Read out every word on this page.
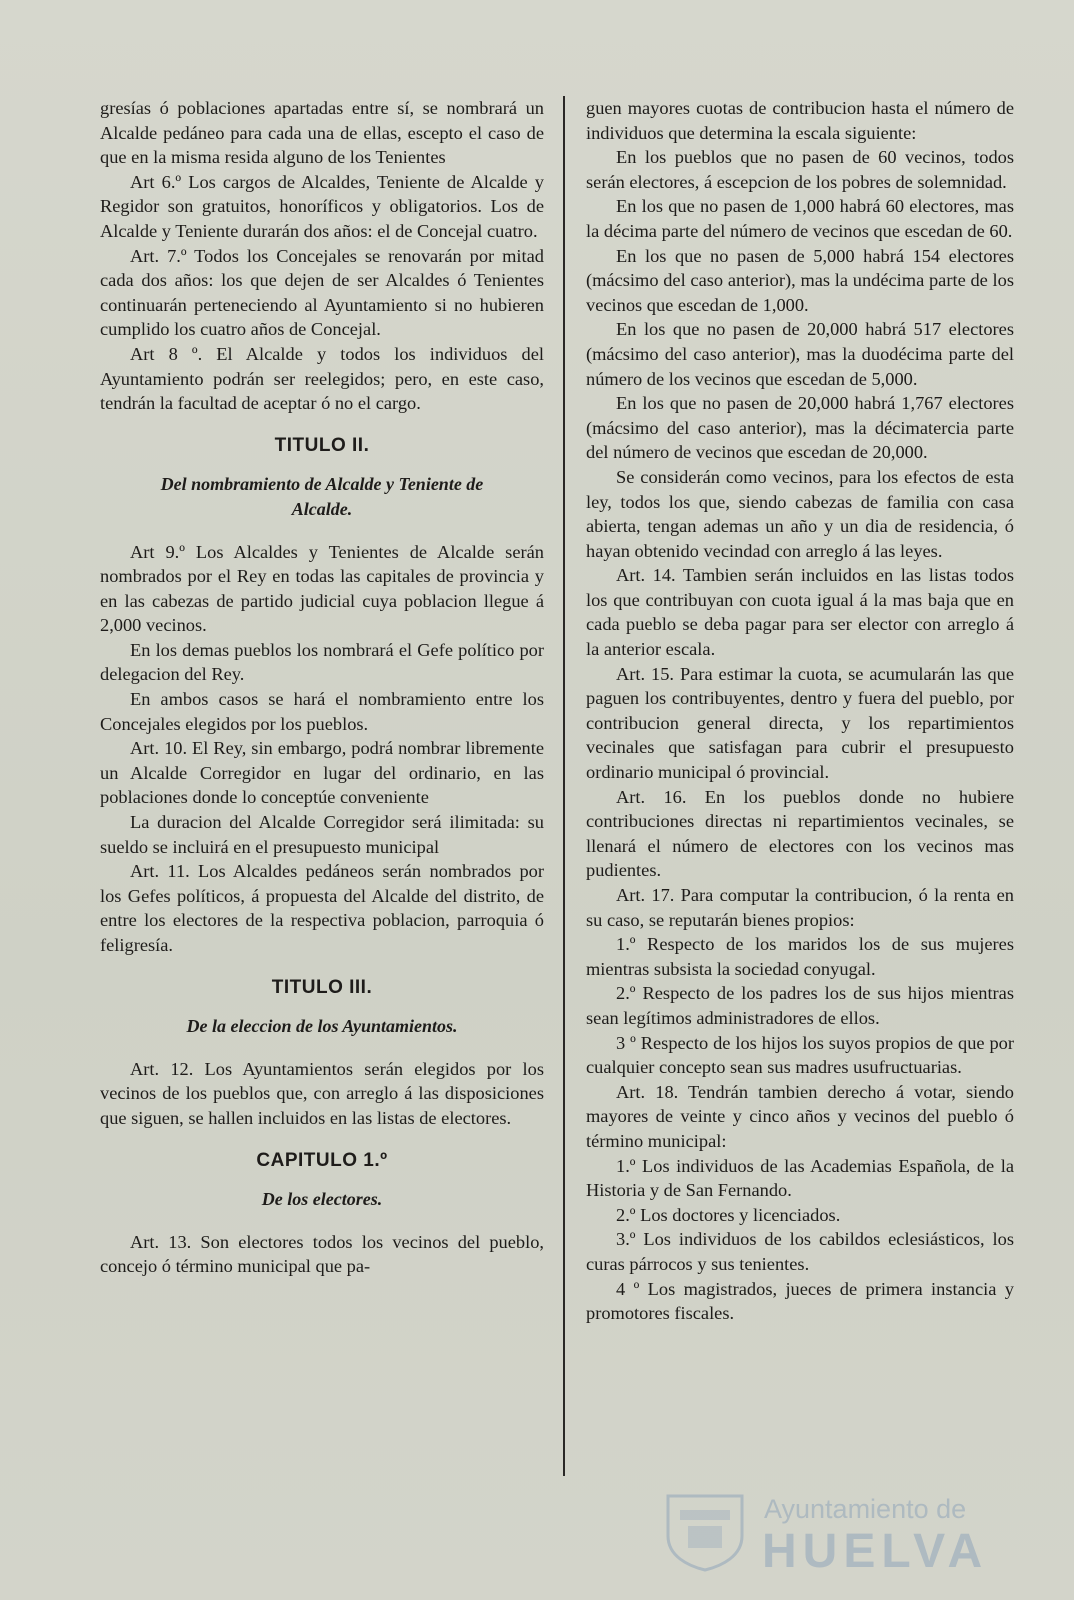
gresías ó poblaciones apartadas entre sí, se nombrará un Alcalde pedáneo para cada una de ellas, escepto el caso de que en la misma resida alguno de los Tenientes

Art 6.º Los cargos de Alcaldes, Teniente de Alcalde y Regidor son gratuitos, honoríficos y obligatorios. Los de Alcalde y Teniente durarán dos años: el de Concejal cuatro.

Art. 7.º Todos los Concejales se renovarán por mitad cada dos años: los que dejen de ser Alcaldes ó Tenientes continuarán perteneciendo al Ayuntamiento si no hubieren cumplido los cuatro años de Concejal.

Art 8 º. El Alcalde y todos los individuos del Ayuntamiento podrán ser reelegidos; pero, en este caso, tendrán la facultad de aceptar ó no el cargo.

TITULO II.
Del nombramiento de Alcalde y Teniente de Alcalde.

Art 9.º Los Alcaldes y Tenientes de Alcalde serán nombrados por el Rey en todas las capitales de provincia y en las cabezas de partido judicial cuya poblacion llegue á 2,000 vecinos.

En los demas pueblos los nombrará el Gefe político por delegacion del Rey.

En ambos casos se hará el nombramiento entre los Concejales elegidos por los pueblos.

Art. 10. El Rey, sin embargo, podrá nombrar libremente un Alcalde Corregidor en lugar del ordinario, en las poblaciones donde lo conceptúe conveniente

La duracion del Alcalde Corregidor será ilimitada: su sueldo se incluirá en el presupuesto municipal

Art. 11. Los Alcaldes pedáneos serán nombrados por los Gefes políticos, á propuesta del Alcalde del distrito, de entre los electores de la respectiva poblacion, parroquia ó feligresía.

TITULO III.
De la eleccion de los Ayuntamientos.

Art. 12. Los Ayuntamientos serán elegidos por los vecinos de los pueblos que, con arreglo á las disposiciones que siguen, se hallen incluidos en las listas de electores.

CAPITULO 1.º
De los electores.

Art. 13. Son electores todos los vecinos del pueblo, concejo ó término municipal que pa-

guen mayores cuotas de contribucion hasta el número de individuos que determina la escala siguiente:

En los pueblos que no pasen de 60 vecinos, todos serán electores, á escepcion de los pobres de solemnidad.

En los que no pasen de 1,000 habrá 60 electores, mas la décima parte del número de vecinos que escedan de 60.

En los que no pasen de 5,000 habrá 154 electores (mácsimo del caso anterior), mas la undécima parte de los vecinos que escedan de 1,000.

En los que no pasen de 20,000 habrá 517 electores (mácsimo del caso anterior), mas la duodécima parte del número de los vecinos que escedan de 5,000.

En los que no pasen de 20,000 habrá 1,767 electores (mácsimo del caso anterior), mas la décimatercia parte del número de vecinos que escedan de 20,000.

Se considerán como vecinos, para los efectos de esta ley, todos los que, siendo cabezas de familia con casa abierta, tengan ademas un año y un dia de residencia, ó hayan obtenido vecindad con arreglo á las leyes.

Art. 14. Tambien serán incluidos en las listas todos los que contribuyan con cuota igual á la mas baja que en cada pueblo se deba pagar para ser elector con arreglo á la anterior escala.

Art. 15. Para estimar la cuota, se acumularán las que paguen los contribuyentes, dentro y fuera del pueblo, por contribucion general directa, y los repartimientos vecinales que satisfagan para cubrir el presupuesto ordinario municipal ó provincial.

Art. 16. En los pueblos donde no hubiere contribuciones directas ni repartimientos vecinales, se llenará el número de electores con los vecinos mas pudientes.

Art. 17. Para computar la contribucion, ó la renta en su caso, se reputarán bienes propios:

1.º Respecto de los maridos los de sus mujeres mientras subsista la sociedad conyugal.

2.º Respecto de los padres los de sus hijos mientras sean legítimos administradores de ellos.

3 º Respecto de los hijos los suyos propios de que por cualquier concepto sean sus madres usufructuarias.

Art. 18. Tendrán tambien derecho á votar, siendo mayores de veinte y cinco años y vecinos del pueblo ó término municipal:

1.º Los individuos de las Academias Española, de la Historia y de San Fernando.

2.º Los doctores y licenciados.

3.º Los individuos de los cabildos eclesiásticos, los curas párrocos y sus tenientes.

4 º Los magistrados, jueces de primera instancia y promotores fiscales.

Ayuntamiento de
HUELVA
